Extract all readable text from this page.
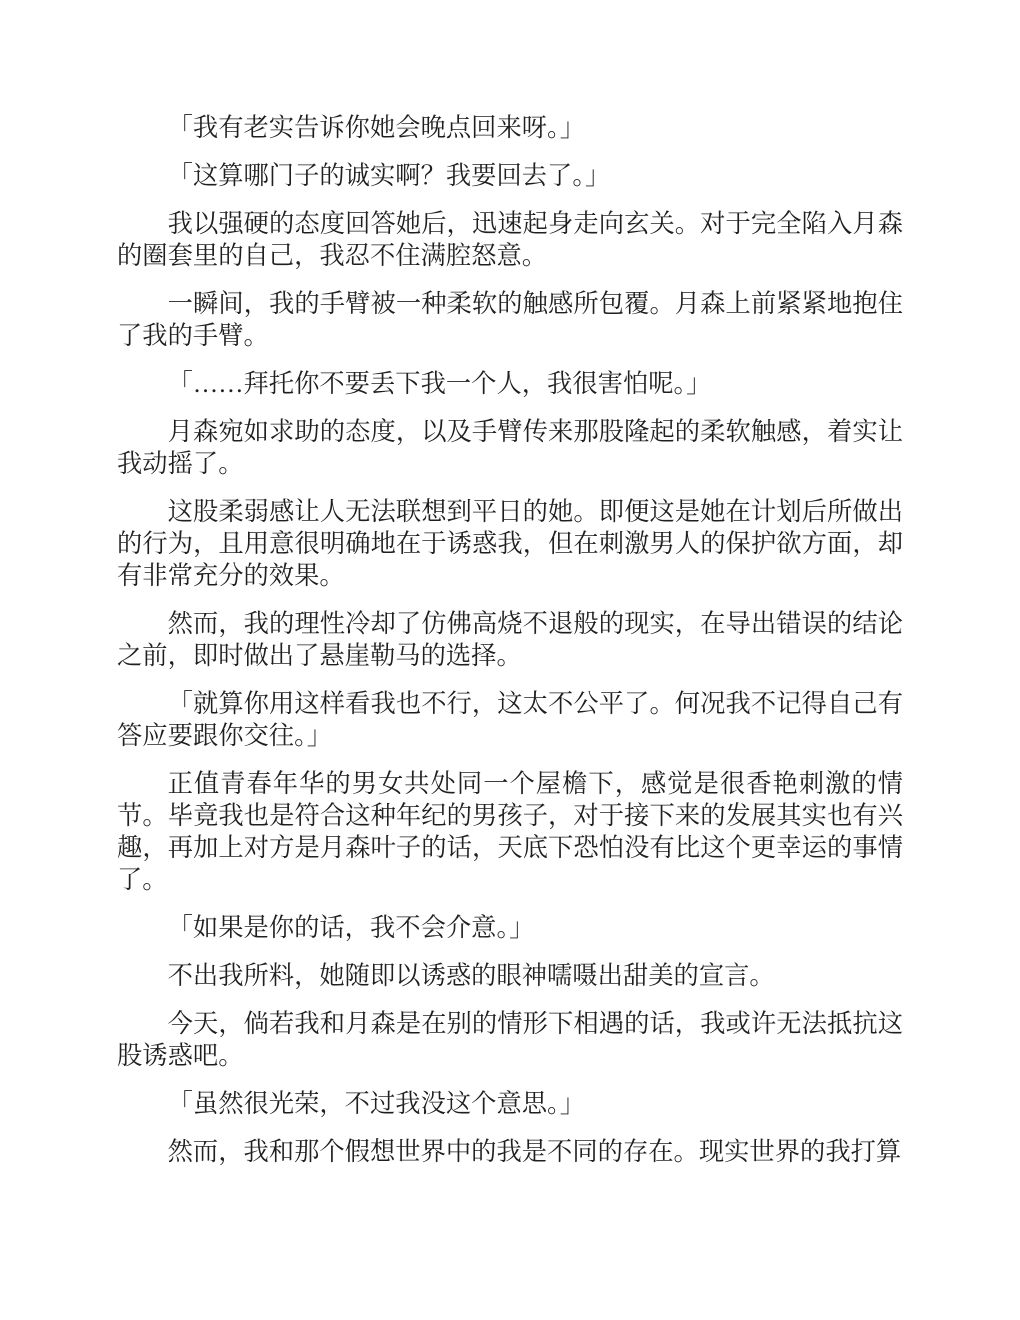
「我有老实告诉你她会晚点回来呀。」

「这算哪门子的诚实啊？我要回去了。」

我以强硬的态度回答她后，迅速起身走向玄关。对于完全陷入月森的圈套里的自己，我忍不住满腔怒意。

一瞬间，我的手臂被一种柔软的触感所包覆。月森上前紧紧地抱住了我的手臂。

「……拜托你不要丢下我一个人，我很害怕呢。」

月森宛如求助的态度，以及手臂传来那股隆起的柔软触感，着实让我动摇了。

这股柔弱感让人无法联想到平日的她。即便这是她在计划后所做出的行为，且用意很明确地在于诱惑我，但在刺激男人的保护欲方面，却有非常充分的效果。

然而，我的理性冷却了仿佛高烧不退般的现实，在导出错误的结论之前，即时做出了悬崖勒马的选择。

「就算你用这样看我也不行，这太不公平了。何况我不记得自己有答应要跟你交往。」

正值青春年华的男女共处同一个屋檐下，感觉是很香艳刺激的情节。毕竟我也是符合这种年纪的男孩子，对于接下来的发展其实也有兴趣，再加上对方是月森叶子的话，天底下恐怕没有比这个更幸运的事情了。

「如果是你的话，我不会介意。」

不出我所料，她随即以诱惑的眼神嚅嗫出甜美的宣言。

今天，倘若我和月森是在别的情形下相遇的话，我或许无法抵抗这股诱惑吧。

「虽然很光荣，不过我没这个意思。」

然而，我和那个假想世界中的我是不同的存在。现实世界的我打算
